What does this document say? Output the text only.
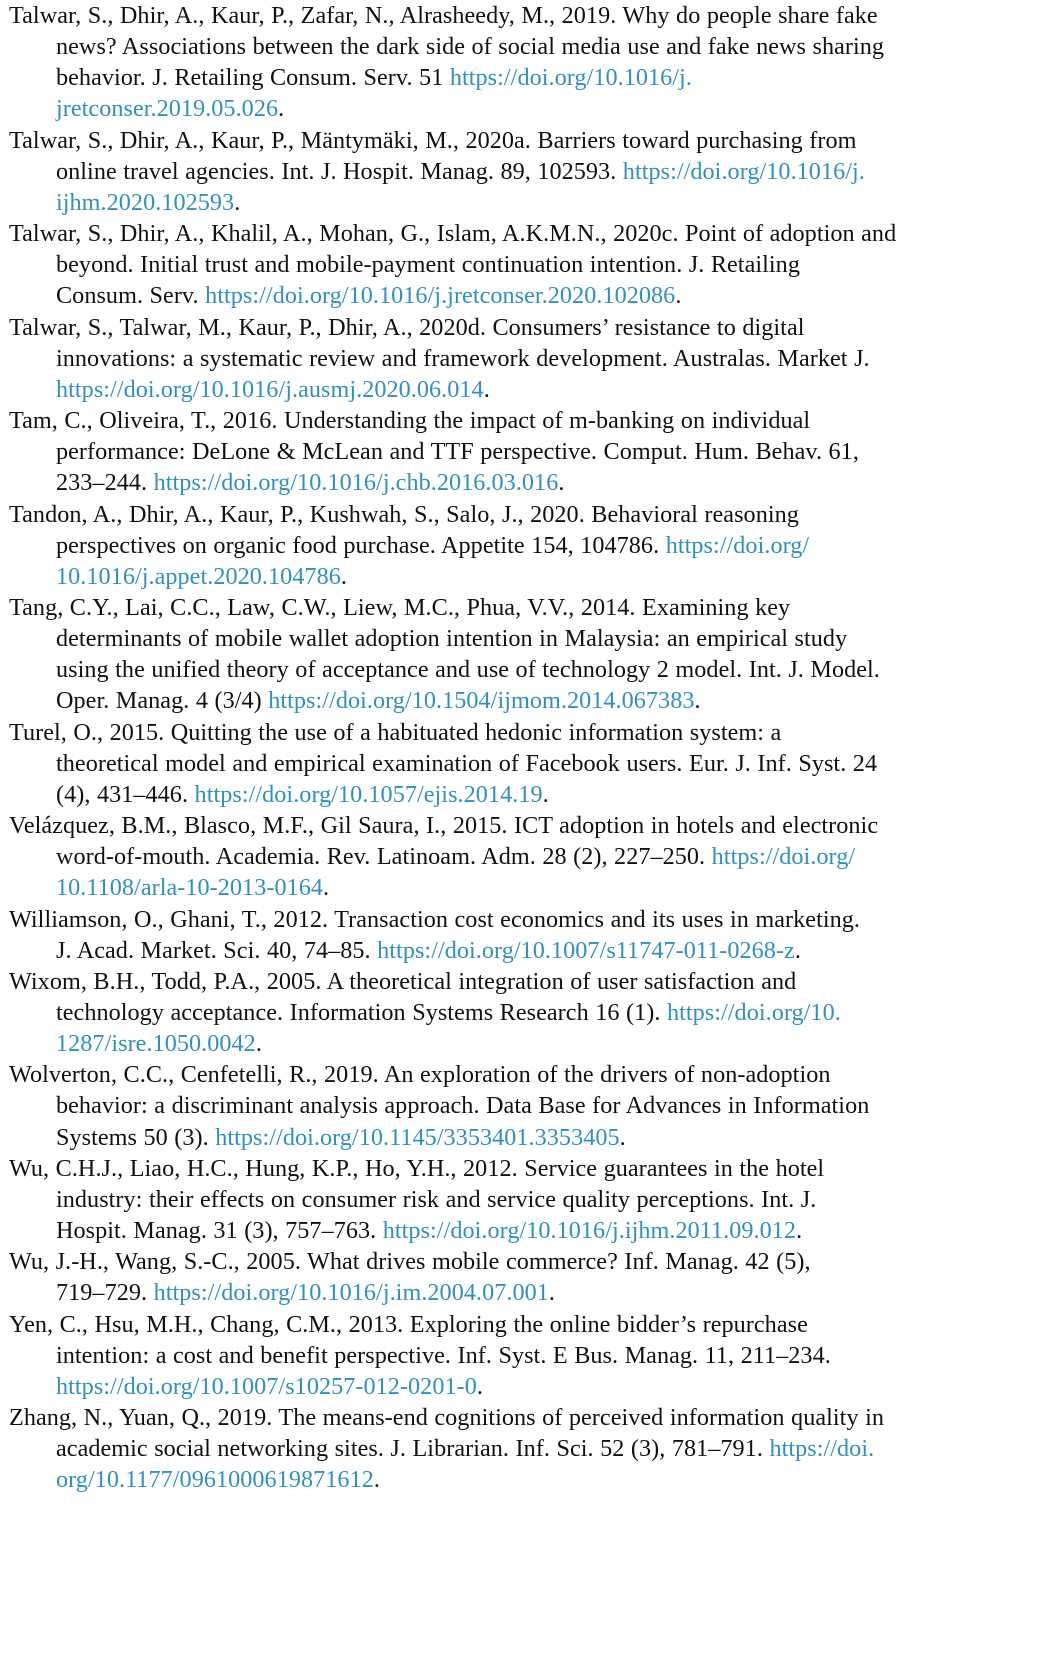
Talwar, S., Dhir, A., Kaur, P., Zafar, N., Alrasheedy, M., 2019. Why do people share fake
news? Associations between the dark side of social media use and fake news sharing
behavior. J. Retailing Consum. Serv. 51 https://doi.org/10.1016/j.
jretconser.2019.05.026.
Talwar, S., Dhir, A., Kaur, P., Mäntymäki, M., 2020a. Barriers toward purchasing from
online travel agencies. Int. J. Hospit. Manag. 89, 102593. https://doi.org/10.1016/j.
ijhm.2020.102593.
Talwar, S., Dhir, A., Khalil, A., Mohan, G., Islam, A.K.M.N., 2020c. Point of adoption and
beyond. Initial trust and mobile-payment continuation intention. J. Retailing
Consum. Serv. https://doi.org/10.1016/j.jretconser.2020.102086.
Talwar, S., Talwar, M., Kaur, P., Dhir, A., 2020d. Consumers’ resistance to digital
innovations: a systematic review and framework development. Australas. Market J.
https://doi.org/10.1016/j.ausmj.2020.06.014.
Tam, C., Oliveira, T., 2016. Understanding the impact of m-banking on individual
performance: DeLone & McLean and TTF perspective. Comput. Hum. Behav. 61,
233–244. https://doi.org/10.1016/j.chb.2016.03.016.
Tandon, A., Dhir, A., Kaur, P., Kushwah, S., Salo, J., 2020. Behavioral reasoning
perspectives on organic food purchase. Appetite 154, 104786. https://doi.org/
10.1016/j.appet.2020.104786.
Tang, C.Y., Lai, C.C., Law, C.W., Liew, M.C., Phua, V.V., 2014. Examining key
determinants of mobile wallet adoption intention in Malaysia: an empirical study
using the unified theory of acceptance and use of technology 2 model. Int. J. Model.
Oper. Manag. 4 (3/4) https://doi.org/10.1504/ijmom.2014.067383.
Turel, O., 2015. Quitting the use of a habituated hedonic information system: a
theoretical model and empirical examination of Facebook users. Eur. J. Inf. Syst. 24
(4), 431–446. https://doi.org/10.1057/ejis.2014.19.
Velázquez, B.M., Blasco, M.F., Gil Saura, I., 2015. ICT adoption in hotels and electronic
word-of-mouth. Academia. Rev. Latinoam. Adm. 28 (2), 227–250. https://doi.org/
10.1108/arla-10-2013-0164.
Williamson, O., Ghani, T., 2012. Transaction cost economics and its uses in marketing.
J. Acad. Market. Sci. 40, 74–85. https://doi.org/10.1007/s11747-011-0268-z.
Wixom, B.H., Todd, P.A., 2005. A theoretical integration of user satisfaction and
technology acceptance. Information Systems Research 16 (1). https://doi.org/10.
1287/isre.1050.0042.
Wolverton, C.C., Cenfetelli, R., 2019. An exploration of the drivers of non-adoption
behavior: a discriminant analysis approach. Data Base for Advances in Information
Systems 50 (3). https://doi.org/10.1145/3353401.3353405.
Wu, C.H.J., Liao, H.C., Hung, K.P., Ho, Y.H., 2012. Service guarantees in the hotel
industry: their effects on consumer risk and service quality perceptions. Int. J.
Hospit. Manag. 31 (3), 757–763. https://doi.org/10.1016/j.ijhm.2011.09.012.
Wu, J.-H., Wang, S.-C., 2005. What drives mobile commerce? Inf. Manag. 42 (5),
719–729. https://doi.org/10.1016/j.im.2004.07.001.
Yen, C., Hsu, M.H., Chang, C.M., 2013. Exploring the online bidder’s repurchase
intention: a cost and benefit perspective. Inf. Syst. E Bus. Manag. 11, 211–234.
https://doi.org/10.1007/s10257-012-0201-0.
Zhang, N., Yuan, Q., 2019. The means-end cognitions of perceived information quality in
academic social networking sites. J. Librarian. Inf. Sci. 52 (3), 781–791. https://doi.
org/10.1177/0961000619871612.
